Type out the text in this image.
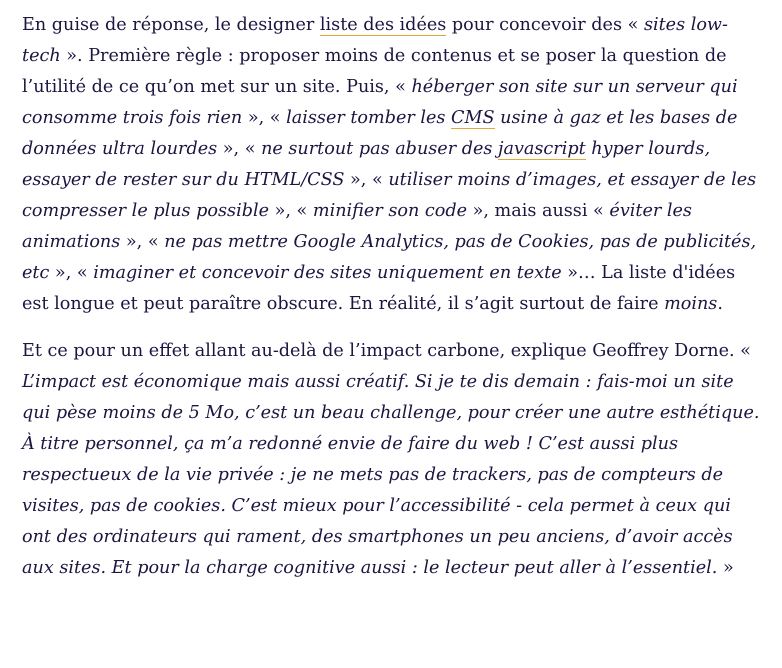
En guise de réponse, le designer liste des idées pour concevoir des « sites low-tech ». Première règle : proposer moins de contenus et se poser la question de l’utilité de ce qu’on met sur un site. Puis, « héberger son site sur un serveur qui consomme trois fois rien », « laisser tomber les CMS usine à gaz et les bases de données ultra lourdes », « ne surtout pas abuser des javascript hyper lourds, essayer de rester sur du HTML/CSS », « utiliser moins d’images, et essayer de les compresser le plus possible », « minifier son code », mais aussi « éviter les animations », « ne pas mettre Google Analytics, pas de Cookies, pas de publicités, etc », « imaginer et concevoir des sites uniquement en texte »… La liste d'idées est longue et peut paraître obscure. En réalité, il s’agit surtout de faire moins.

Et ce pour un effet allant au-delà de l’impact carbone, explique Geoffrey Dorne. « L’impact est économique mais aussi créatif. Si je te dis demain : fais-moi un site qui pèse moins de 5 Mo, c’est un beau challenge, pour créer une autre esthétique. À titre personnel, ça m’a redonné envie de faire du web ! C’est aussi plus respectueux de la vie privée : je ne mets pas de trackers, pas de compteurs de visites, pas de cookies. C’est mieux pour l’accessibilité - cela permet à ceux qui ont des ordinateurs qui rament, des smartphones un peu anciens, d’avoir accès aux sites. Et pour la charge cognitive aussi : le lecteur peut aller à l’essentiel. »
